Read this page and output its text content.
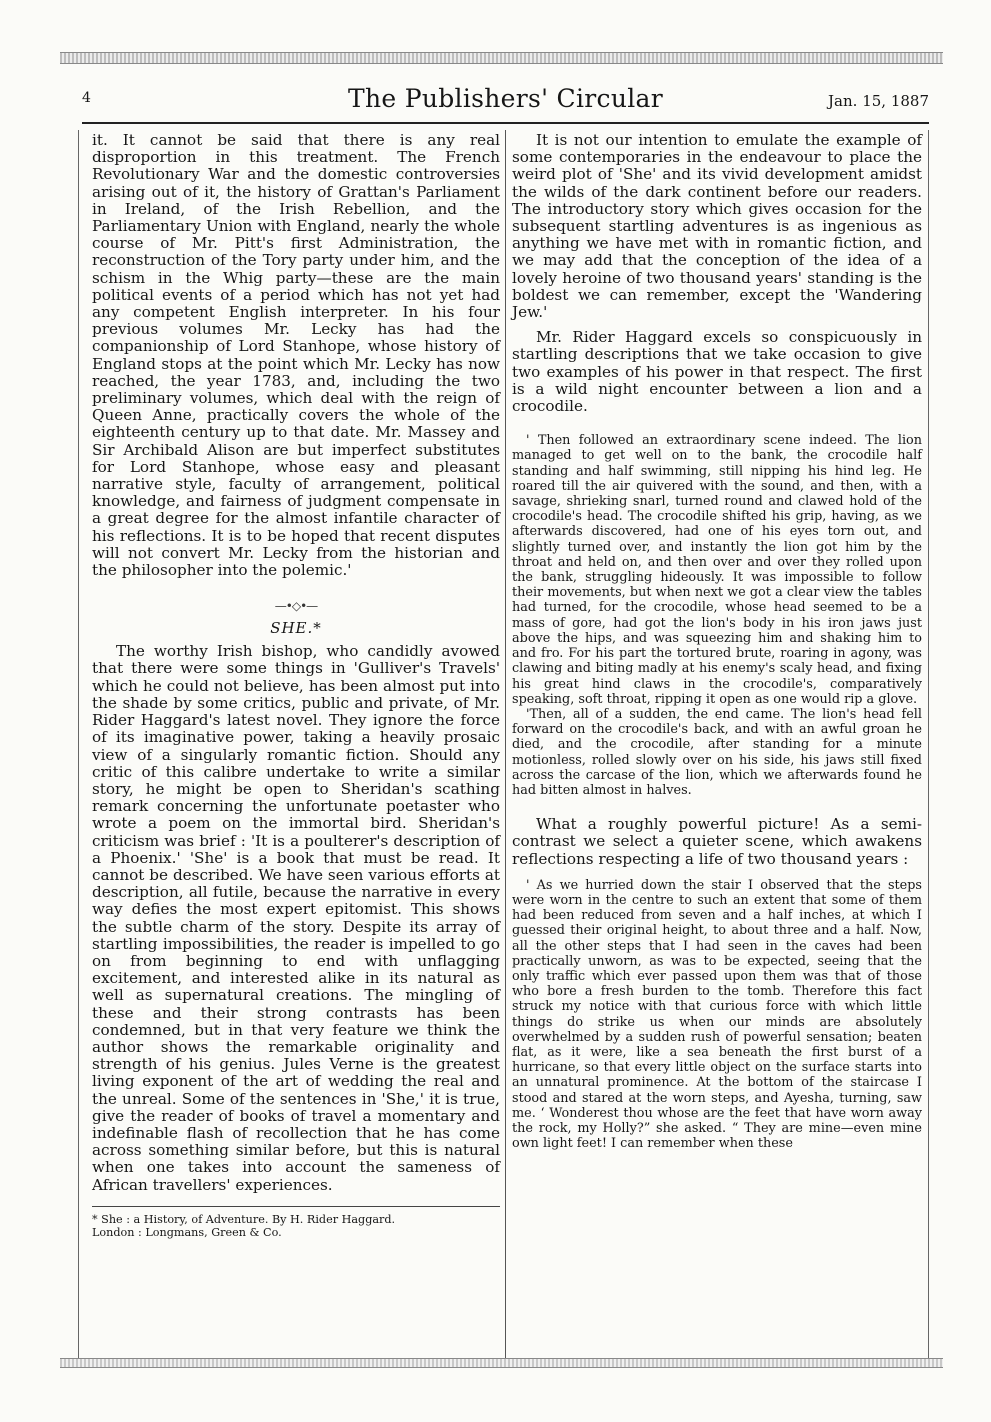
4	The Publishers' Circular	Jan. 15, 1887

it. It cannot be said that there is any real disproportion in this treatment. The French Revolutionary War and the domestic controversies arising out of it, the history of Grattan's Parliament in Ireland, of the Irish Rebellion, and the Parliamentary Union with England, nearly the whole course of Mr. Pitt's first Administration, the reconstruction of the Tory party under him, and the schism in the Whig party—these are the main political events of a period which has not yet had any competent English interpreter. In his four previous volumes Mr. Lecky has had the companionship of Lord Stanhope, whose history of England stops at the point which Mr. Lecky has now reached, the year 1783, and, including the two preliminary volumes, which deal with the reign of Queen Anne, practically covers the whole of the eighteenth century up to that date. Mr. Massey and Sir Archibald Alison are but imperfect substitutes for Lord Stanhope, whose easy and pleasant narrative style, faculty of arrangement, political knowledge, and fairness of judgment compensate in a great degree for the almost infantile character of his reflections. It is to be hoped that recent disputes will not convert Mr. Lecky from the historian and the philosopher into the polemic.'

—•◇•—
SHE.*

The worthy Irish bishop, who candidly avowed that there were some things in 'Gulliver's Travels' which he could not believe, has been almost put into the shade by some critics, public and private, of Mr. Rider Haggard's latest novel. They ignore the force of its imaginative power, taking a heavily prosaic view of a singularly romantic fiction. Should any critic of this calibre undertake to write a similar story, he might be open to Sheridan's scathing remark concerning the unfortunate poetaster who wrote a poem on the immortal bird. Sheridan's criticism was brief : 'It is a poulterer's description of a Phoenix.' 'She' is a book that must be read. It cannot be described. We have seen various efforts at description, all futile, because the narrative in every way defies the most expert epitomist. This shows the subtle charm of the story. Despite its array of startling impossibilities, the reader is impelled to go on from beginning to end with unflagging excitement, and interested alike in its natural as well as supernatural creations. The mingling of these and their strong contrasts has been condemned, but in that very feature we think the author shows the remarkable originality and strength of his genius. Jules Verne is the greatest living exponent of the art of wedding the real and the unreal. Some of the sentences in 'She,' it is true, give the reader of books of travel a momentary and indefinable flash of recollection that he has come across something similar before, but this is natural when one takes into account the sameness of African travellers' experiences.

* She : a History, of Adventure. By H. Rider Haggard.

London : Longmans, Green & Co.

It is not our intention to emulate the example of some contemporaries in the endeavour to place the weird plot of 'She' and its vivid development amidst the wilds of the dark continent before our readers. The introductory story which gives occasion for the subsequent startling adventures is as ingenious as anything we have met with in romantic fiction, and we may add that the conception of the idea of a lovely heroine of two thousand years' standing is the boldest we can remember, except the 'Wandering Jew.'

Mr. Rider Haggard excels so conspicuously in startling descriptions that we take occasion to give two examples of his power in that respect. The first is a wild night encounter between a lion and a crocodile.

' Then followed an extraordinary scene indeed. The lion managed to get well on to the bank, the crocodile half standing and half swimming, still nipping his hind leg. He roared till the air quivered with the sound, and then, with a savage, shrieking snarl, turned round and clawed hold of the crocodile's head. The crocodile shifted his grip, having, as we afterwards discovered, had one of his eyes torn out, and slightly turned over, and instantly the lion got him by the throat and held on, and then over and over they rolled upon the bank, struggling hideously. It was impossible to follow their movements, but when next we got a clear view the tables had turned, for the crocodile, whose head seemed to be a mass of gore, had got the lion's body in his iron jaws just above the hips, and was squeezing him and shaking him to and fro. For his part the tortured brute, roaring in agony, was clawing and biting madly at his enemy's scaly head, and fixing his great hind claws in the crocodile's, comparatively speaking, soft throat, ripping it open as one would rip a glove.

'Then, all of a sudden, the end came. The lion's head fell forward on the crocodile's back, and with an awful groan he died, and the crocodile, after standing for a minute motionless, rolled slowly over on his side, his jaws still fixed across the carcase of the lion, which we afterwards found he had bitten almost in halves.

What a roughly powerful picture! As a semi-contrast we select a quieter scene, which awakens reflections respecting a life of two thousand years :

' As we hurried down the stair I observed that the steps were worn in the centre to such an extent that some of them had been reduced from seven and a half inches, at which I guessed their original height, to about three and a half. Now, all the other steps that I had seen in the caves had been practically unworn, as was to be expected, seeing that the only traffic which ever passed upon them was that of those who bore a fresh burden to the tomb. Therefore this fact struck my notice with that curious force with which little things do strike us when our minds are absolutely overwhelmed by a sudden rush of powerful sensation; beaten flat, as it were, like a sea beneath the first burst of a hurricane, so that every little object on the surface starts into an unnatural prominence. At the bottom of the staircase I stood and stared at the worn steps, and Ayesha, turning, saw me. ‘ Wonderest thou whose are the feet that have worn away the rock, my Holly?” she asked. “ They are mine—even mine own light feet! I can remember when these
